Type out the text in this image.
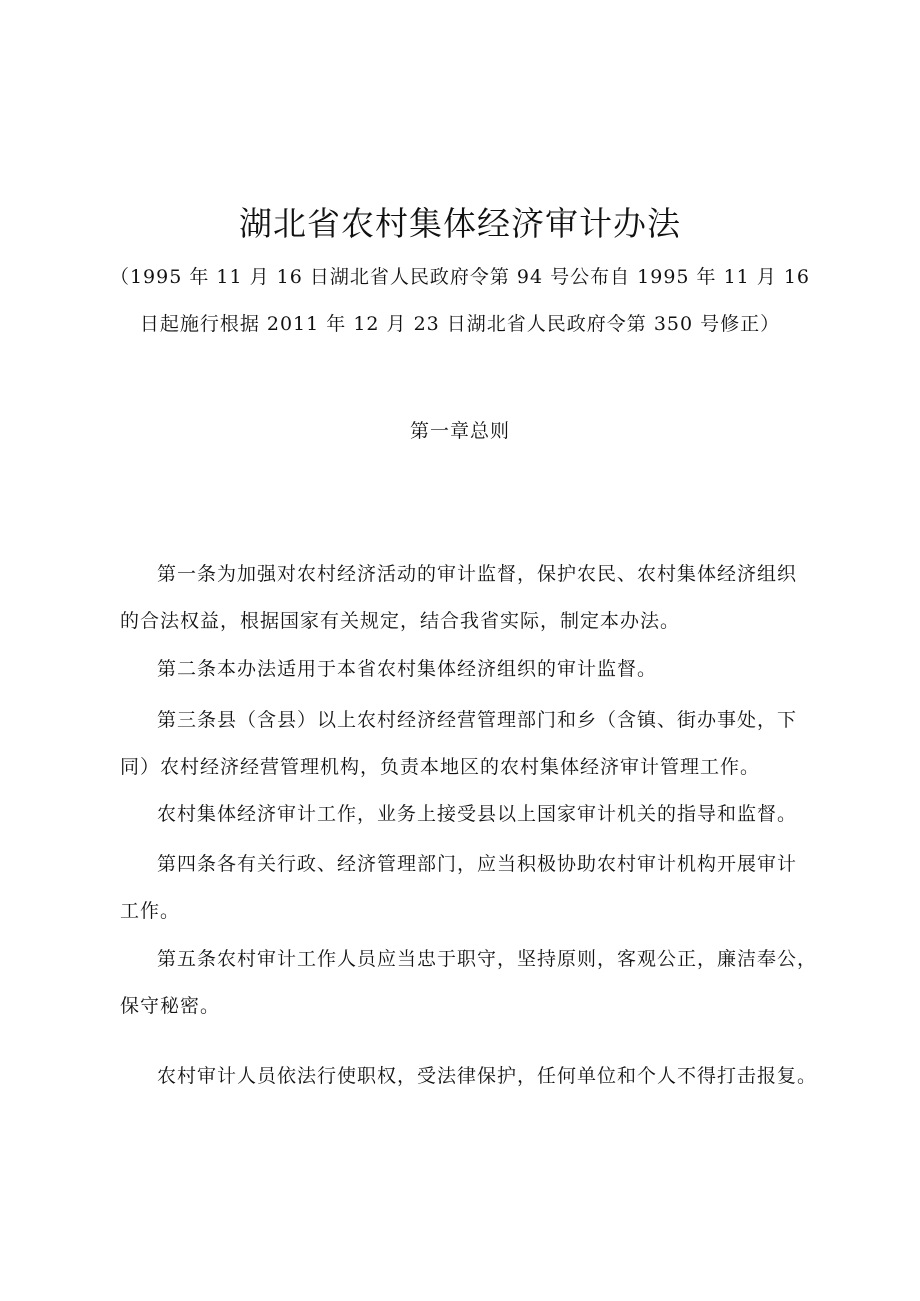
湖北省农村集体经济审计办法
（1995 年 11 月 16 日湖北省人民政府令第 94 号公布自 1995 年 11 月 16
日起施行根据 2011 年 12 月 23 日湖北省人民政府令第 350 号修正）
第一章总则
第一条为加强对农村经济活动的审计监督，保护农民、农村集体经济组织
的合法权益，根据国家有关规定，结合我省实际，制定本办法。
第二条本办法适用于本省农村集体经济组织的审计监督。
第三条县（含县）以上农村经济经营管理部门和乡（含镇、街办事处，下
同）农村经济经营管理机构，负责本地区的农村集体经济审计管理工作。
农村集体经济审计工作，业务上接受县以上国家审计机关的指导和监督。
第四条各有关行政、经济管理部门，应当积极协助农村审计机构开展审计
工作。
第五条农村审计工作人员应当忠于职守，坚持原则，客观公正，廉洁奉公，
保守秘密。
农村审计人员依法行使职权，受法律保护，任何单位和个人不得打击报复。
